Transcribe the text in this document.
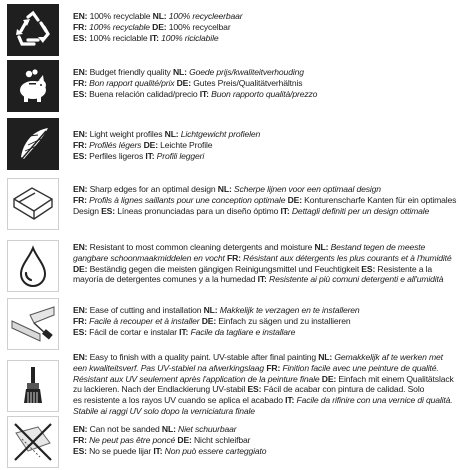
EN: 100% recyclable NL: 100% recycleerbaar
FR: 100% recyclable DE: 100% recycelbar
ES: 100% reciclable IT: 100% riciclabile
EN: Budget friendly quality NL: Goede prijs/kwaliteitverhouding
FR: Bon rapport qualité/prix DE: Gutes Preis/Qualitätverhältnis
ES: Buena relación calidad/precio IT: Buon rapporto qualità/prezzo
EN: Light weight profiles NL: Lichtgewicht profielen
FR: Profilés légers DE: Leichte Profile
ES: Perfiles ligeros IT: Profili leggeri
EN: Sharp edges for an optimal design NL: Scherpe lijnen voor een optimaal design
FR: Profils à lignes saillants pour une conception optimale DE: Konturenscharfe Kanten für ein optimales
Design ES: Líneas pronunciadas para un diseño óptimo IT: Dettagli definiti per un design ottimale
EN: Resistant to most common cleaning detergents and moisture NL: Bestand tegen de meeste
gangbare schoonmaakmiddelen en vocht FR: Résistant aux détergents les plus courants et à l'humidité
DE: Beständig gegen die meisten gängigen Reinigungsmittel und Feuchtigkeit ES: Resistente a la
mayoría de detergentes comunes y a la humedad IT: Resistente ai più comuni detergenti e all'umidità
EN: Ease of cutting and installation NL: Makkelijk te verzagen en te installeren
FR: Facile à recouper et à installer DE: Einfach zu sägen und zu installieren
ES: Fácil de cortar e instalar IT: Facile da tagliare e installare
EN: Easy to finish with a quality paint. UV-stable after final painting NL: Gemakkelijk af te werken met
een kwaliteitsverf. Pas UV-stabiel na afwerkingslaag FR: Finition facile avec une peinture de qualité.
Résistant aux UV seulement après l'application de la peinture finale DE: Einfach mit einem Qualitätslack
zu lackieren. Nach der Endlackierung UV-stabil ES: Fácil de acabar con pintura de calidad. Solo
es resistente a los rayos UV cuando se aplica el acabado IT: Facile da rifinire con una vernice di qualità.
Stabile ai raggi UV solo dopo la verniciatura finale
EN: Can not be sanded NL: Niet schuurbaar
FR: Ne peut pas être poncé DE: Nicht schleifbar
ES: No se puede lijar IT: Non può essere carteggiato
